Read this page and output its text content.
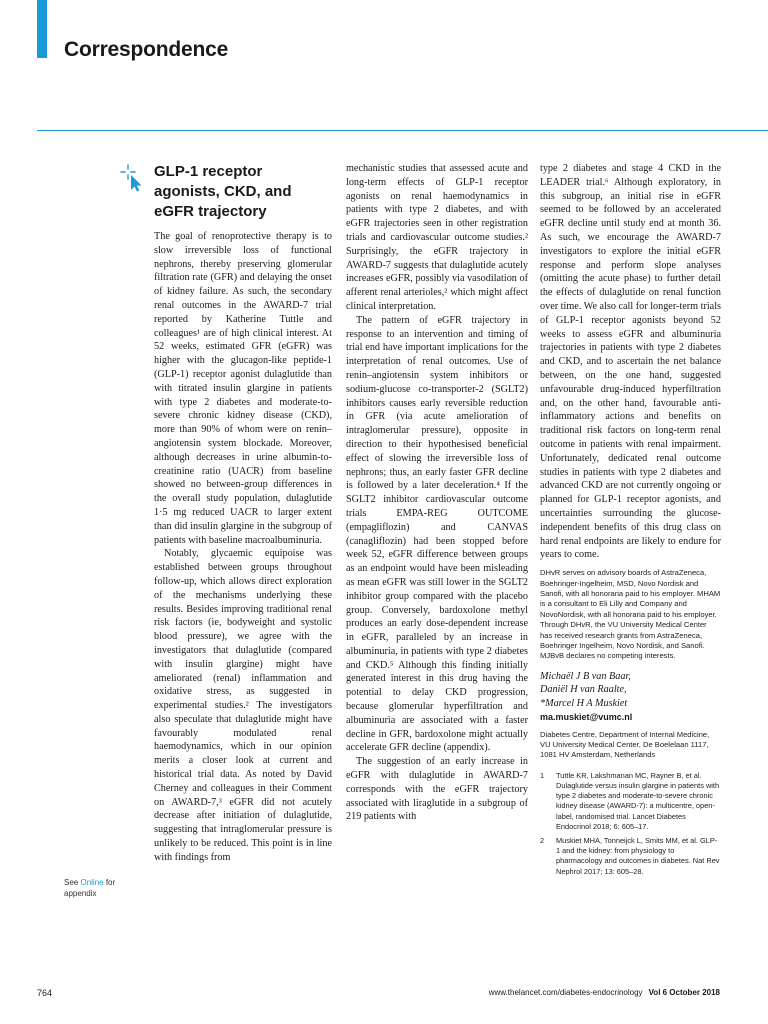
Correspondence
See Online for appendix
GLP-1 receptor agonists, CKD, and eGFR trajectory

The goal of renoprotective therapy is to slow irreversible loss of functional nephrons, thereby preserving glomerular filtration rate (GFR) and delaying the onset of kidney failure. As such, the secondary renal outcomes in the AWARD-7 trial reported by Katherine Tuttle and colleagues¹ are of high clinical interest. At 52 weeks, estimated GFR (eGFR) was higher with the glucagon-like peptide-1 (GLP-1) receptor agonist dulaglutide than with titrated insulin glargine in patients with type 2 diabetes and moderate-to-severe chronic kidney disease (CKD), more than 90% of whom were on renin–angiotensin system blockade. Moreover, although decreases in urine albumin-to-creatinine ratio (UACR) from baseline showed no between-group differences in the overall study population, dulaglutide 1·5 mg reduced UACR to larger extent than did insulin glargine in the subgroup of patients with baseline macroalbuminuria.

Notably, glycaemic equipoise was established between groups throughout follow-up, which allows direct exploration of the mechanisms underlying these results. Besides improving traditional renal risk factors (ie, bodyweight and systolic blood pressure), we agree with the investigators that dulaglutide (compared with insulin glargine) might have ameliorated (renal) inflammation and oxidative stress, as suggested in experimental studies.² The investigators also speculate that dulaglutide might have favourably modulated renal haemodynamics, which in our opinion merits a closer look at current and historical trial data. As noted by David Cherney and colleagues in their Comment on AWARD-7,³ eGFR did not acutely decrease after initiation of dulaglutide, suggesting that intraglomerular pressure is unlikely to be reduced. This point is in line with findings from

mechanistic studies that assessed acute and long-term effects of GLP-1 receptor agonists on renal haemodynamics in patients with type 2 diabetes, and with eGFR trajectories seen in other registration trials and cardiovascular outcome studies.² Surprisingly, the eGFR trajectory in AWARD-7 suggests that dulaglutide acutely increases eGFR, possibly via vasodilation of afferent renal arterioles,² which might affect clinical interpretation.

The pattern of eGFR trajectory in response to an intervention and timing of trial end have important implications for the interpretation of renal outcomes. Use of renin–angiotensin system inhibitors or sodium-glucose co-transporter-2 (SGLT2) inhibitors causes early reversible reduction in GFR (via acute amelioration of intraglomerular pressure), opposite in direction to their hypothesised beneficial effect of slowing the irreversible loss of nephrons; thus, an early faster GFR decline is followed by a later deceleration.⁴ If the SGLT2 inhibitor cardiovascular outcome trials EMPA-REG OUTCOME (empagliflozin) and CANVAS (canagliflozin) had been stopped before week 52, eGFR difference between groups as an endpoint would have been misleading as mean eGFR was still lower in the SGLT2 inhibitor group compared with the placebo group. Conversely, bardoxolone methyl produces an early dose-dependent increase in eGFR, paralleled by an increase in albuminuria, in patients with type 2 diabetes and CKD.⁵ Although this finding initially generated interest in this drug having the potential to delay CKD progression, because glomerular hyperfiltration and albuminuria are associated with a faster decline in GFR, bardoxolone might actually accelerate GFR decline (appendix).

The suggestion of an early increase in eGFR with dulaglutide in AWARD-7 corresponds with the eGFR trajectory associated with liraglutide in a subgroup of 219 patients with

type 2 diabetes and stage 4 CKD in the LEADER trial.⁶ Although exploratory, in this subgroup, an initial rise in eGFR seemed to be followed by an accelerated eGFR decline until study end at month 36. As such, we encourage the AWARD-7 investigators to explore the initial eGFR response and perform slope analyses (omitting the acute phase) to further detail the effects of dulaglutide on renal function over time. We also call for longer-term trials of GLP-1 receptor agonists beyond 52 weeks to assess eGFR and albuminuria trajectories in patients with type 2 diabetes and CKD, and to ascertain the net balance between, on the one hand, suggested unfavourable drug-induced hyperfiltration and, on the other hand, favourable anti-inflammatory actions and benefits on traditional risk factors on long-term renal outcome in patients with renal impairment. Unfortunately, dedicated renal outcome studies in patients with type 2 diabetes and advanced CKD are not currently ongoing or planned for GLP-1 receptor agonists, and uncertainties surrounding the glucose-independent benefits of this drug class on hard renal endpoints are likely to endure for years to come.

DHvR serves on advisory boards of AstraZeneca, Boehringer-Ingelheim, MSD, Novo Nordisk and Sanofi, with all honoraria paid to his employer. MHAM is a consultant to Eli Lilly and Company and NovoNordisk, with all honoraria paid to his employer. Through DHvR, the VU University Medical Center has received research grants from AstraZeneca, Boehringer Ingelheim, Novo Nordisk, and Sanofi. MJBvB declares no competing interests.
Michaël J B van Baar,
Daniël H van Raalte,
*Marcel H A Muskiet
ma.muskiet@vumc.nl
Diabetes Centre, Department of Internal Medicine, VU University Medical Center, De Boelelaan 1117, 1081 HV Amsterdam, Netherlands
1 Tuttle KR, Lakshmanan MC, Rayner B, et al. Dulaglutide versus insulin glargine in patients with type 2 diabetes and moderate-to-severe chronic kidney disease (AWARD-7): a multicentre, open-label, randomised trial. Lancet Diabetes Endocrinol 2018; 6: 605–17.
2 Muskiet MHA, Tonneijck L, Smits MM, et al. GLP-1 and the kidney: from physiology to pharmacology and outcomes in diabetes. Nat Rev Nephrol 2017; 13: 605–28.
764	www.thelancet.com/diabetes-endocrinology Vol 6 October 2018
